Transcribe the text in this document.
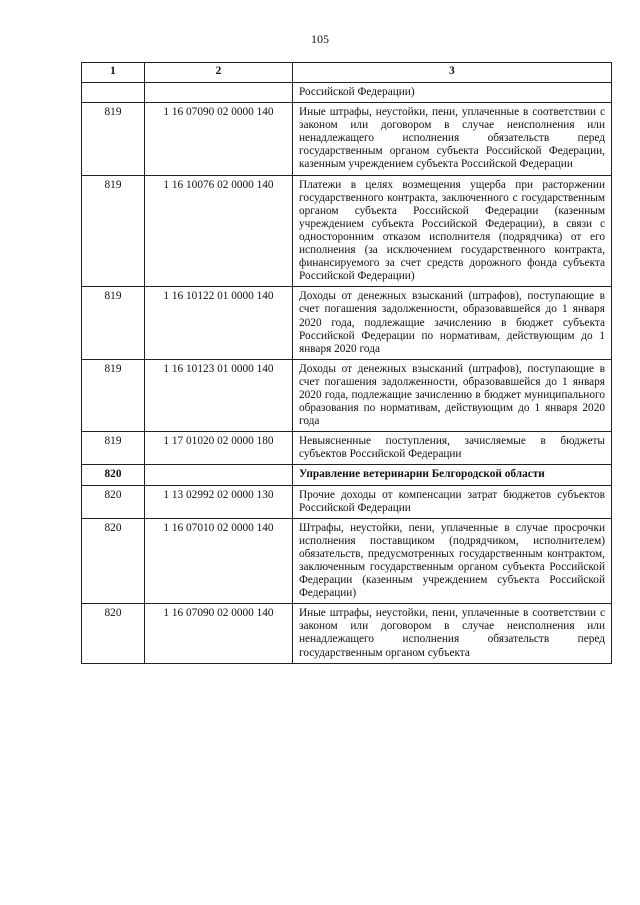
105
1	2	3
		Российской Федерации)
819	1 16 07090 02 0000 140	Иные штрафы, неустойки, пени, уплаченные в соответствии с законом или договором в случае неисполнения или ненадлежащего исполнения обязательств перед государственным органом субъекта Российской Федерации, казенным учреждением субъекта Российской Федерации
819	1 16 10076 02 0000 140	Платежи в целях возмещения ущерба при расторжении государственного контракта, заключенного с государственным органом субъекта Российской Федерации (казенным учреждением субъекта Российской Федерации), в связи с односторонним отказом исполнителя (подрядчика) от его исполнения (за исключением государственного контракта, финансируемого за счет средств дорожного фонда субъекта Российской Федерации)
819	1 16 10122 01 0000 140	Доходы от денежных взысканий (штрафов), поступающие в счет погашения задолженности, образовавшейся до 1 января 2020 года, подлежащие зачислению в бюджет субъекта Российской Федерации по нормативам, действующим до 1 января 2020 года
819	1 16 10123 01 0000 140	Доходы от денежных взысканий (штрафов), поступающие в счет погашения задолженности, образовавшейся до 1 января 2020 года, подлежащие зачислению в бюджет муниципального образования по нормативам, действующим до 1 января 2020 года
819	1 17 01020 02 0000 180	Невыясненные поступления, зачисляемые в бюджеты субъектов Российской Федерации
820		Управление ветеринарии Белгородской области
820	1 13 02992 02 0000 130	Прочие доходы от компенсации затрат бюджетов субъектов Российской Федерации
820	1 16 07010 02 0000 140	Штрафы, неустойки, пени, уплаченные в случае просрочки исполнения поставщиком (подрядчиком, исполнителем) обязательств, предусмотренных государственным контрактом, заключенным государственным органом субъекта Российской Федерации (казенным учреждением субъекта Российской Федерации)
820	1 16 07090 02 0000 140	Иные штрафы, неустойки, пени, уплаченные в соответствии с законом или договором в случае неисполнения или ненадлежащего исполнения обязательств перед государственным органом субъекта
